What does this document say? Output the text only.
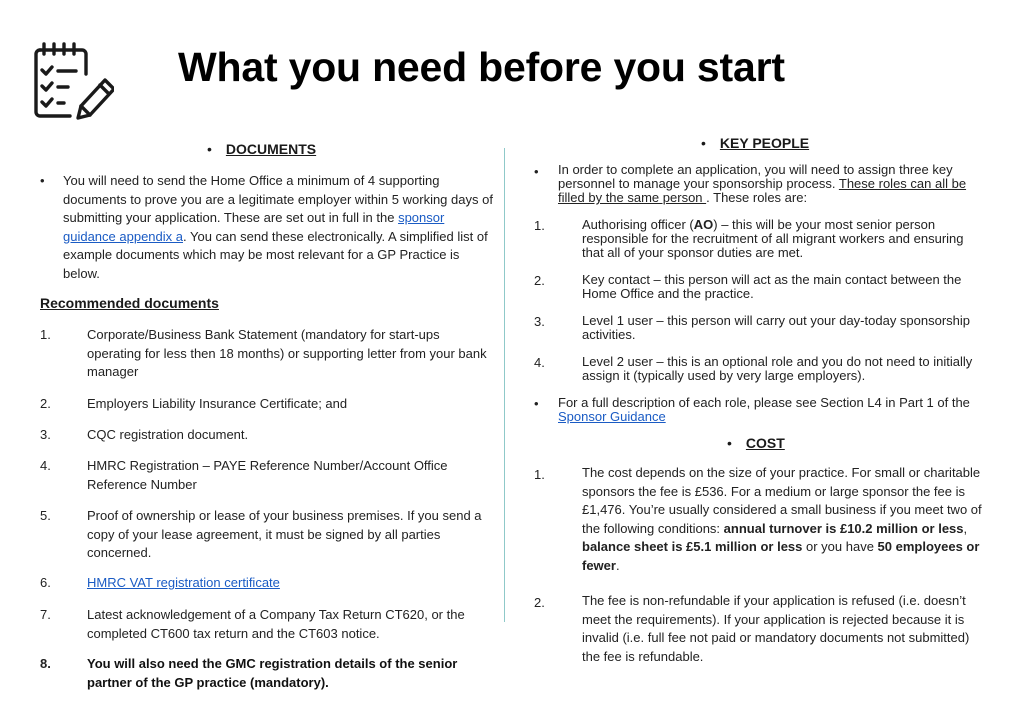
What you need before you start
• DOCUMENTS
• You will need to send the Home Office a minimum of 4 supporting documents to prove you are a legitimate employer within 5 working days of submitting your application. These are set out in full in the sponsor guidance appendix a. You can send these electronically. A simplified list of example documents which may be most relevant for a GP Practice is below.
Recommended documents
1.	Corporate/Business Bank Statement (mandatory for start-ups operating for less then 18 months) or supporting letter from your bank manager
2.	Employers Liability Insurance Certificate; and
3.	CQC registration document.
4.	HMRC Registration – PAYE Reference Number/Account Office Reference Number
5.	Proof of ownership or lease of your business premises. If you send a copy of your lease agreement, it must be signed by all parties concerned.
6.	HMRC VAT registration certificate
7.	Latest acknowledgement of a Company Tax Return CT620, or the completed CT600 tax return and the CT603 notice.
8.	You will also need the GMC registration details of the senior partner of the GP practice (mandatory).
• KEY PEOPLE
• In order to complete an application, you will need to assign three key personnel to manage your sponsorship process. These roles can all be filled by the same person . These roles are:
1.	Authorising officer (AO) – this will be your most senior person responsible for the recruitment of all migrant workers and ensuring that all of your sponsor duties are met.
2.	Key contact – this person will act as the main contact between the Home Office and the practice.
3.	Level 1 user – this person will carry out your day-today sponsorship activities.
4.	Level 2 user – this is an optional role and you do not need to initially assign it (typically used by very large employers).
• For a full description of each role, please see Section L4 in Part 1 of the Sponsor Guidance
• COST
1.	The cost depends on the size of your practice. For small or charitable sponsors the fee is £536. For a medium or large sponsor the fee is £1,476. You’re usually considered a small business if you meet two of the following conditions: annual turnover is £10.2 million or less, balance sheet is £5.1 million or less or you have 50 employees or fewer.
2.	The fee is non-refundable if your application is refused (i.e. doesn’t meet the requirements). If your application is rejected because it is invalid (i.e. full fee not paid or mandatory documents not submitted) the fee is refundable.
